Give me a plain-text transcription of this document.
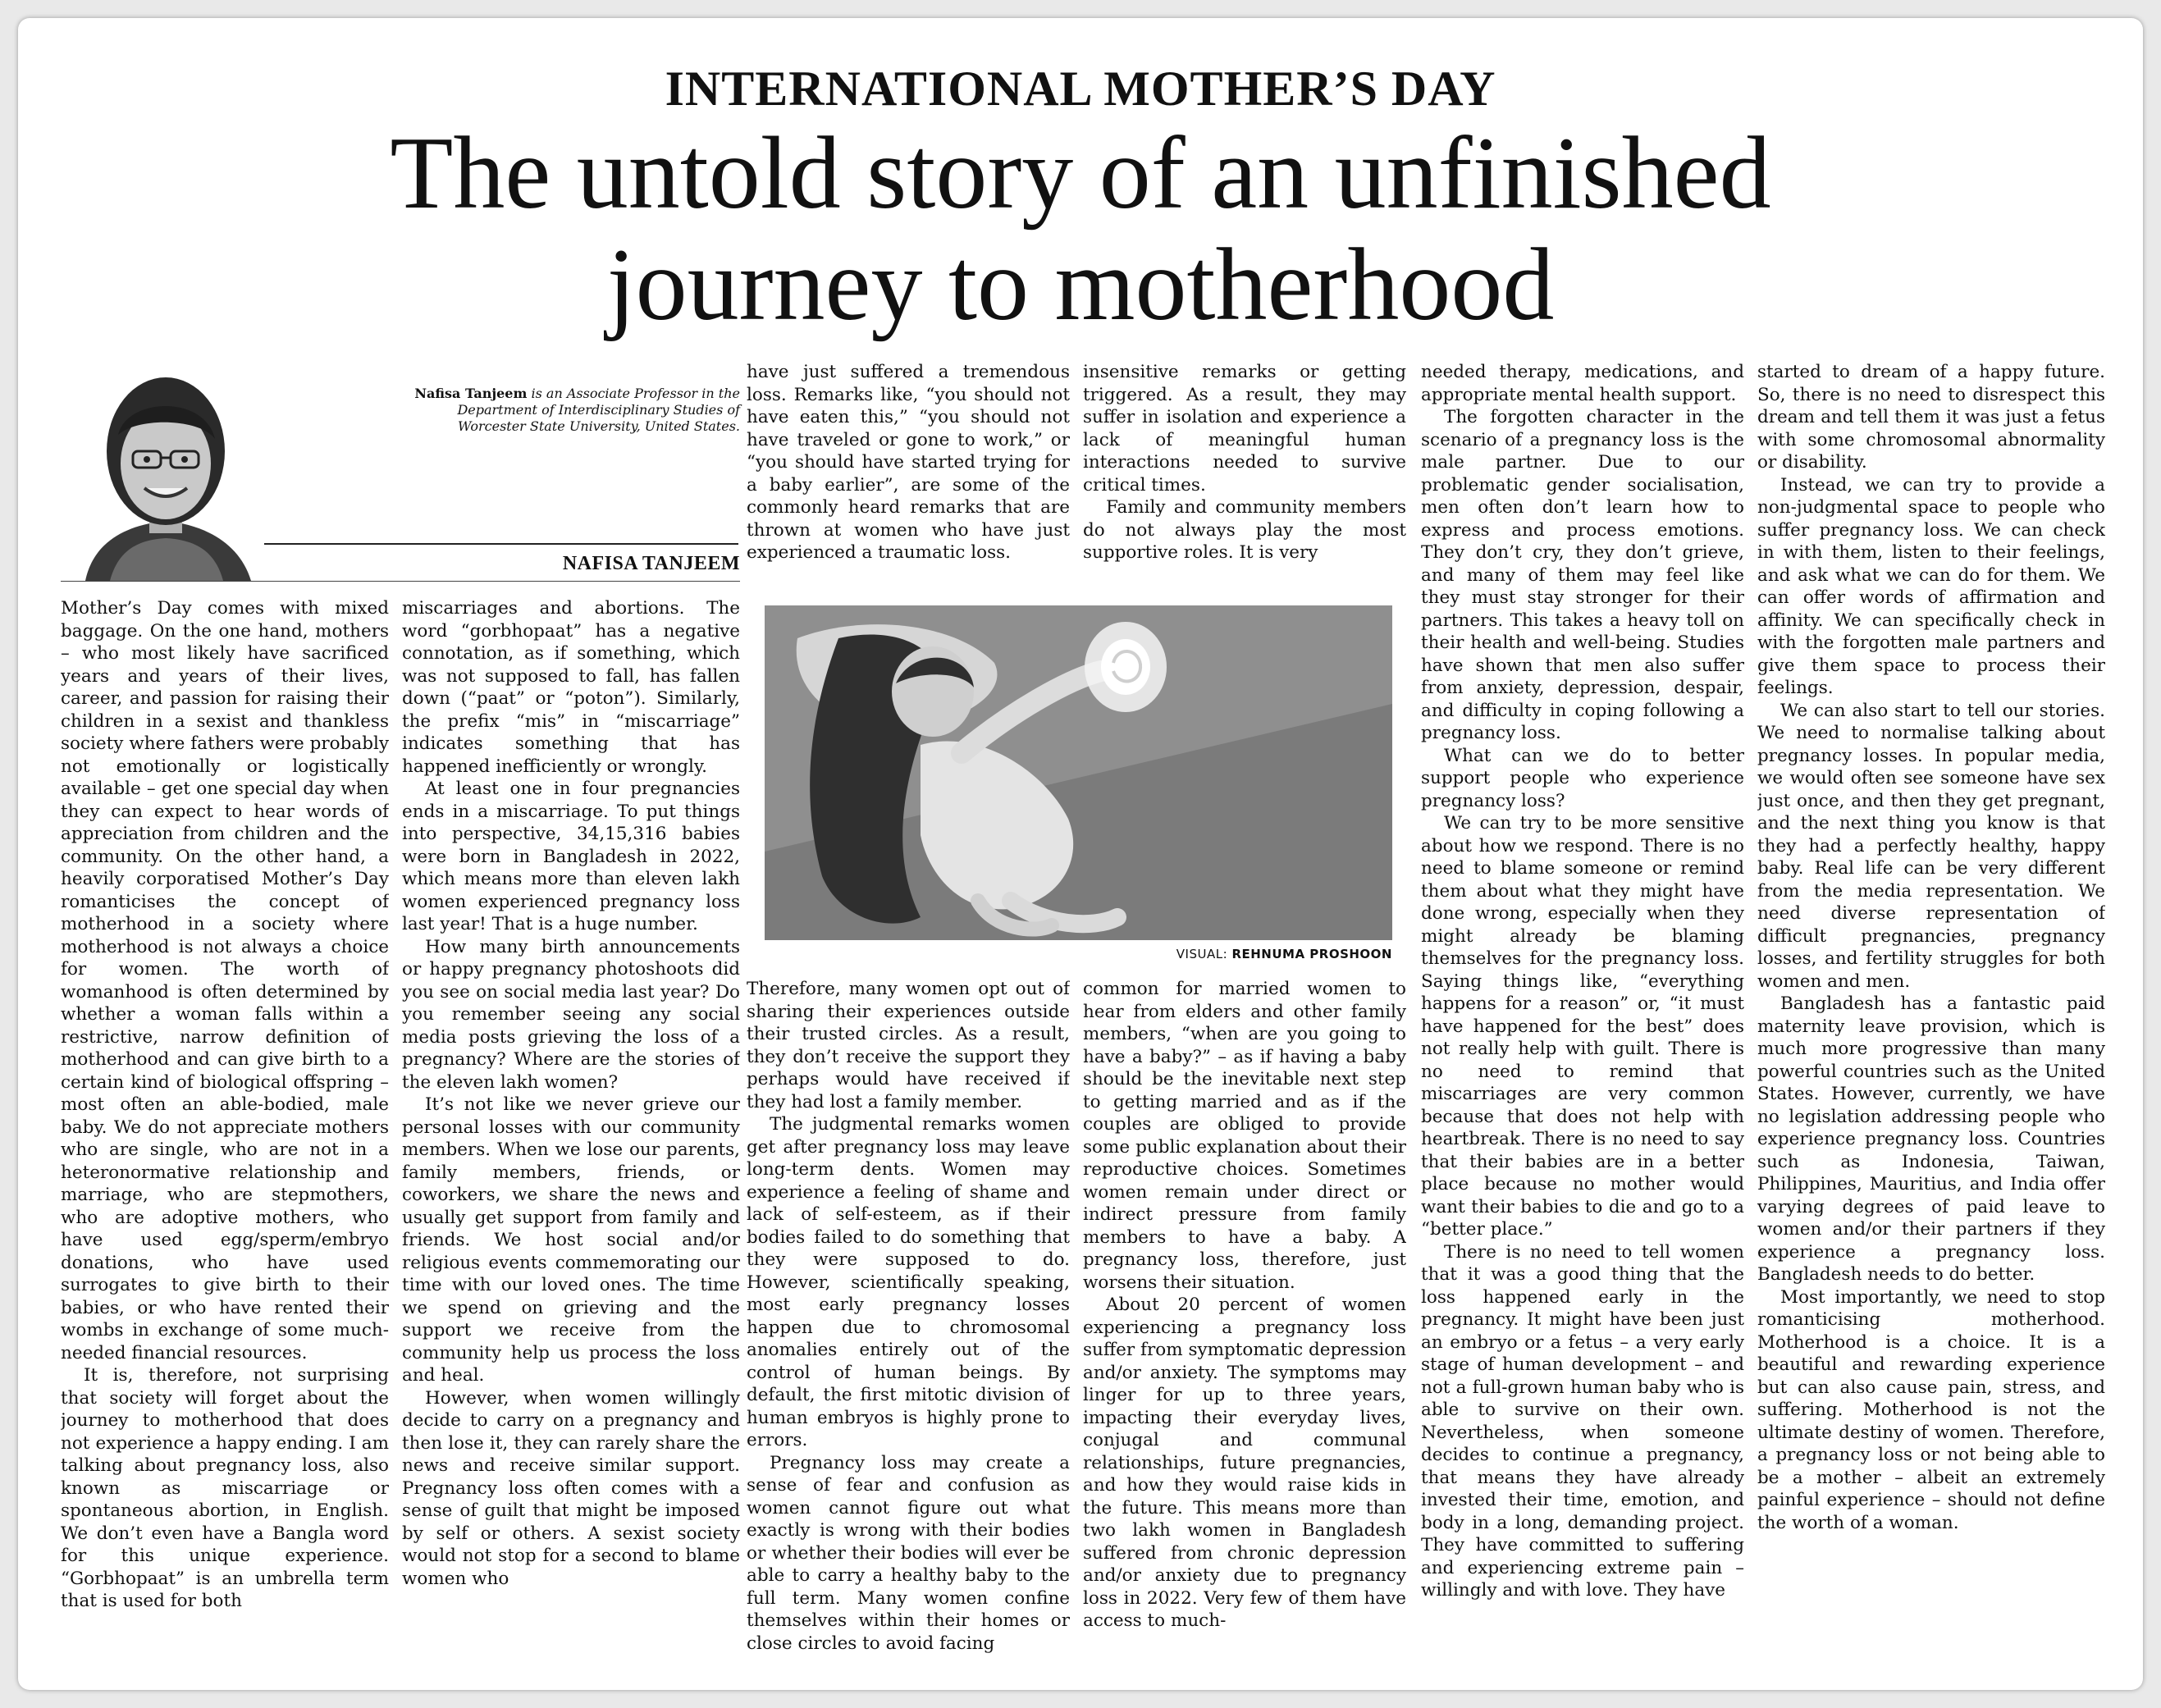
INTERNATIONAL MOTHER’S DAY
The untold story of an unfinished
journey to motherhood
Nafisa Tanjeem is an Associate Professor in the Department of Interdisciplinary Studies of Worcester State University, United States.
NAFISA TANJEEM
VISUAL: REHNUMA PROSHOON

Mother’s Day comes with mixed baggage. On the one hand, mothers – who most likely have sacrificed years and years of their lives, career, and passion for raising their children in a sexist and thankless society where fathers were probably not emotionally or logistically available – get one special day when they can expect to hear words of appreciation from children and the community. On the other hand, a heavily corporatised Mother’s Day romanticises the concept of motherhood in a society where motherhood is not always a choice for women. The worth of womanhood is often determined by whether a woman falls within a restrictive, narrow definition of motherhood and can give birth to a certain kind of biological offspring – most often an able-bodied, male baby. We do not appreciate mothers who are single, who are not in a heteronormative relationship and marriage, who are stepmothers, who are adoptive mothers, who have used egg/sperm/embryo donations, who have used surrogates to give birth to their babies, or who have rented their wombs in exchange of some much-needed financial resources.

It is, therefore, not surprising that society will forget about the journey to motherhood that does not experience a happy ending. I am talking about pregnancy loss, also known as miscarriage or spontaneous abortion, in English. We don’t even have a Bangla word for this unique experience. “Gorbhopaat” is an umbrella term that is used for both

miscarriages and abortions. The word “gorbhopaat” has a negative connotation, as if something, which was not supposed to fall, has fallen down (“paat” or “poton”). Similarly, the prefix “mis” in “miscarriage” indicates something that has happened inefficiently or wrongly.

At least one in four pregnancies ends in a miscarriage. To put things into perspective, 34,15,316 babies were born in Bangladesh in 2022, which means more than eleven lakh women experienced pregnancy loss last year! That is a huge number.

How many birth announcements or happy pregnancy photoshoots did you see on social media last year? Do you remember seeing any social media posts grieving the loss of a pregnancy? Where are the stories of the eleven lakh women?

It’s not like we never grieve our personal losses with our community members. When we lose our parents, family members, friends, or coworkers, we share the news and usually get support from family and friends. We host social and/or religious events commemorating our time with our loved ones. The time we spend on grieving and the support we receive from the community help us process the loss and heal.

However, when women willingly decide to carry on a pregnancy and then lose it, they can rarely share the news and receive similar support. Pregnancy loss often comes with a sense of guilt that might be imposed by self or others. A sexist society would not stop for a second to blame women who

have just suffered a tremendous loss. Remarks like, “you should not have eaten this,” “you should not have traveled or gone to work,” or “you should have started trying for a baby earlier”, are some of the commonly heard remarks that are thrown at women who have just experienced a traumatic loss.

insensitive remarks or getting triggered. As a result, they may suffer in isolation and experience a lack of meaningful human interactions needed to survive critical times.

Family and community members do not always play the most supportive roles. It is very

Therefore, many women opt out of sharing their experiences outside their trusted circles. As a result, they don’t receive the support they perhaps would have received if they had lost a family member.

The judgmental remarks women get after pregnancy loss may leave long-term dents. Women may experience a feeling of shame and lack of self-esteem, as if their bodies failed to do something that they were supposed to do. However, scientifically speaking, most early pregnancy losses happen due to chromosomal anomalies entirely out of the control of human beings. By default, the first mitotic division of human embryos is highly prone to errors.

Pregnancy loss may create a sense of fear and confusion as women cannot figure out what exactly is wrong with their bodies or whether their bodies will ever be able to carry a healthy baby to the full term. Many women confine themselves within their homes or close circles to avoid facing

common for married women to hear from elders and other family members, “when are you going to have a baby?” – as if having a baby should be the inevitable next step to getting married and as if the couples are obliged to provide some public explanation about their reproductive choices. Sometimes women remain under direct or indirect pressure from family members to have a baby. A pregnancy loss, therefore, just worsens their situation.

About 20 percent of women experiencing a pregnancy loss suffer from symptomatic depression and/or anxiety. The symptoms may linger for up to three years, impacting their everyday lives, conjugal and communal relationships, future pregnancies, and how they would raise kids in the future. This means more than two lakh women in Bangladesh suffered from chronic depression and/or anxiety due to pregnancy loss in 2022. Very few of them have access to much-

needed therapy, medications, and appropriate mental health support.

The forgotten character in the scenario of a pregnancy loss is the male partner. Due to our problematic gender socialisation, men often don’t learn how to express and process emotions. They don’t cry, they don’t grieve, and many of them may feel like they must stay stronger for their partners. This takes a heavy toll on their health and well-being. Studies have shown that men also suffer from anxiety, depression, despair, and difficulty in coping following a pregnancy loss.

What can we do to better support people who experience pregnancy loss?

We can try to be more sensitive about how we respond. There is no need to blame someone or remind them about what they might have done wrong, especially when they might already be blaming themselves for the pregnancy loss. Saying things like, “everything happens for a reason” or, “it must have happened for the best” does not really help with guilt. There is no need to remind that miscarriages are very common because that does not help with heartbreak. There is no need to say that their babies are in a better place because no mother would want their babies to die and go to a “better place.”

There is no need to tell women that it was a good thing that the loss happened early in the pregnancy. It might have been just an embryo or a fetus – a very early stage of human development – and not a full-grown human baby who is able to survive on their own. Nevertheless, when someone decides to continue a pregnancy, that means they have already invested their time, emotion, and body in a long, demanding project. They have committed to suffering and experiencing extreme pain – willingly and with love. They have

started to dream of a happy future. So, there is no need to disrespect this dream and tell them it was just a fetus with some chromosomal abnormality or disability.

Instead, we can try to provide a non-judgmental space to people who suffer pregnancy loss. We can check in with them, listen to their feelings, and ask what we can do for them. We can offer words of affirmation and affinity. We can specifically check in with the forgotten male partners and give them space to process their feelings.

We can also start to tell our stories. We need to normalise talking about pregnancy losses. In popular media, we would often see someone have sex just once, and then they get pregnant, and the next thing you know is that they had a perfectly healthy, happy baby. Real life can be very different from the media representation. We need diverse representation of difficult pregnancies, pregnancy losses, and fertility struggles for both women and men.

Bangladesh has a fantastic paid maternity leave provision, which is much more progressive than many powerful countries such as the United States. However, currently, we have no legislation addressing people who experience pregnancy loss. Countries such as Indonesia, Taiwan, Philippines, Mauritius, and India offer varying degrees of paid leave to women and/or their partners if they experience a pregnancy loss. Bangladesh needs to do better.

Most importantly, we need to stop romanticising motherhood. Motherhood is a choice. It is a beautiful and rewarding experience but can also cause pain, stress, and suffering. Motherhood is not the ultimate destiny of women. Therefore, a pregnancy loss or not being able to be a mother – albeit an extremely painful experience – should not define the worth of a woman.
